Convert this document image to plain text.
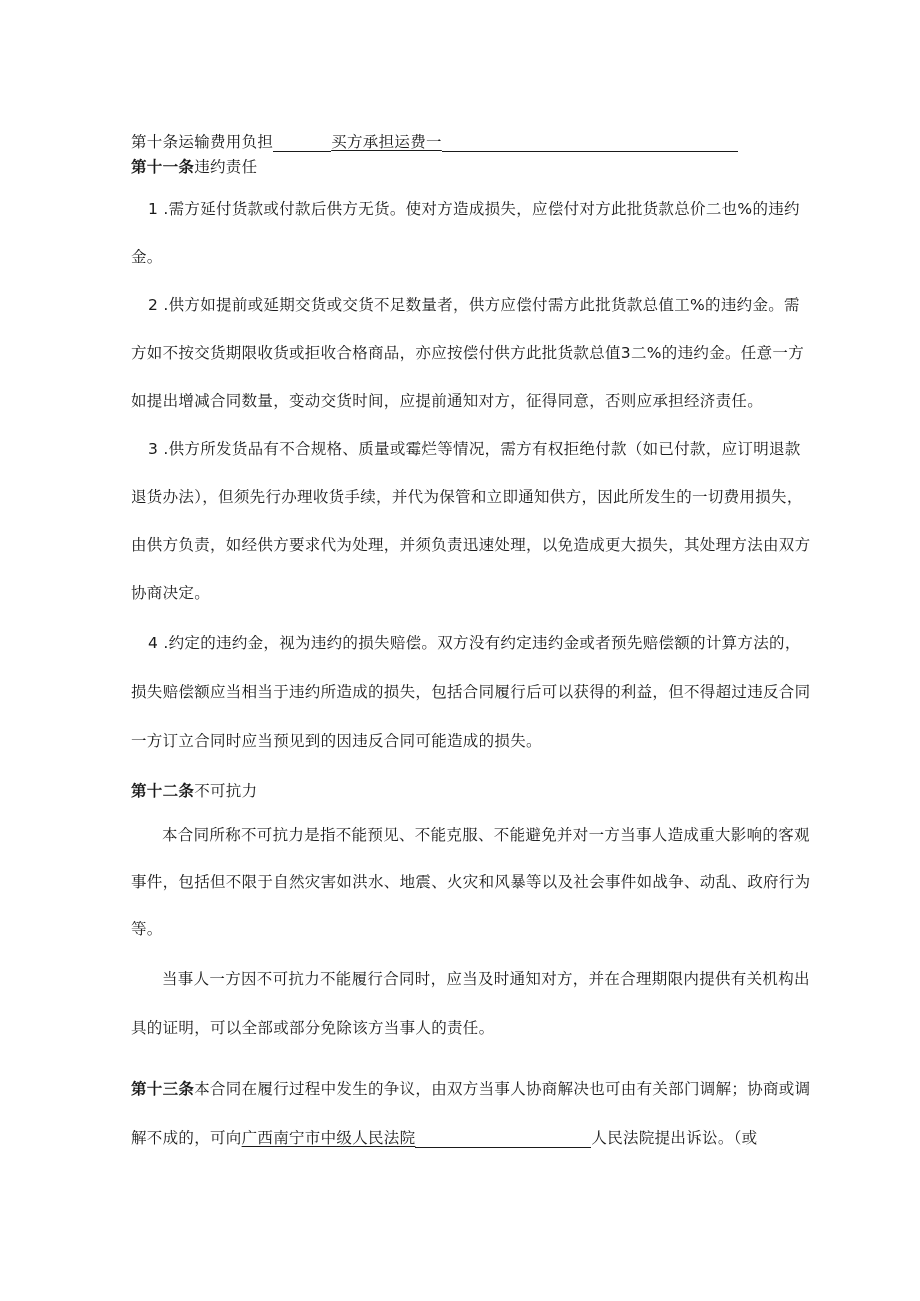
第十条运输费用负担	买方承担运费一
第十一条违约责任
1 .需方延付货款或付款后供方无货。使对方造成损失，应偿付对方此批货款总价二也%的违约
金。
2 .供方如提前或延期交货或交货不足数量者，供方应偿付需方此批货款总值工%的违约金。需
方如不按交货期限收货或拒收合格商品，亦应按偿付供方此批货款总值3二%的违约金。任意一方
如提出增减合同数量，变动交货时间，应提前通知对方，征得同意，否则应承担经济责任。
3 .供方所发货品有不合规格、质量或霉烂等情况，需方有权拒绝付款（如已付款，应订明退款
退货办法），但须先行办理收货手续，并代为保管和立即通知供方，因此所发生的一切费用损失，
由供方负责，如经供方要求代为处理，并须负责迅速处理，以免造成更大损失，其处理方法由双方
协商决定。
4 .约定的违约金，视为违约的损失赔偿。双方没有约定违约金或者预先赔偿额的计算方法的，
损失赔偿额应当相当于违约所造成的损失，包括合同履行后可以获得的利益，但不得超过违反合同
一方订立合同时应当预见到的因违反合同可能造成的损失。
第十二条不可抗力
本合同所称不可抗力是指不能预见、不能克服、不能避免并对一方当事人造成重大影响的客观
事件，包括但不限于自然灾害如洪水、地震、火灾和风暴等以及社会事件如战争、动乱、政府行为
等。
当事人一方因不可抗力不能履行合同时，应当及时通知对方，并在合理期限内提供有关机构出
具的证明，可以全部或部分免除该方当事人的责任。
第十三条本合同在履行过程中发生的争议，由双方当事人协商解决也可由有关部门调解；协商或调
解不成的，可向广西南宁市中级人民法院	人民法院提出诉讼。（或
